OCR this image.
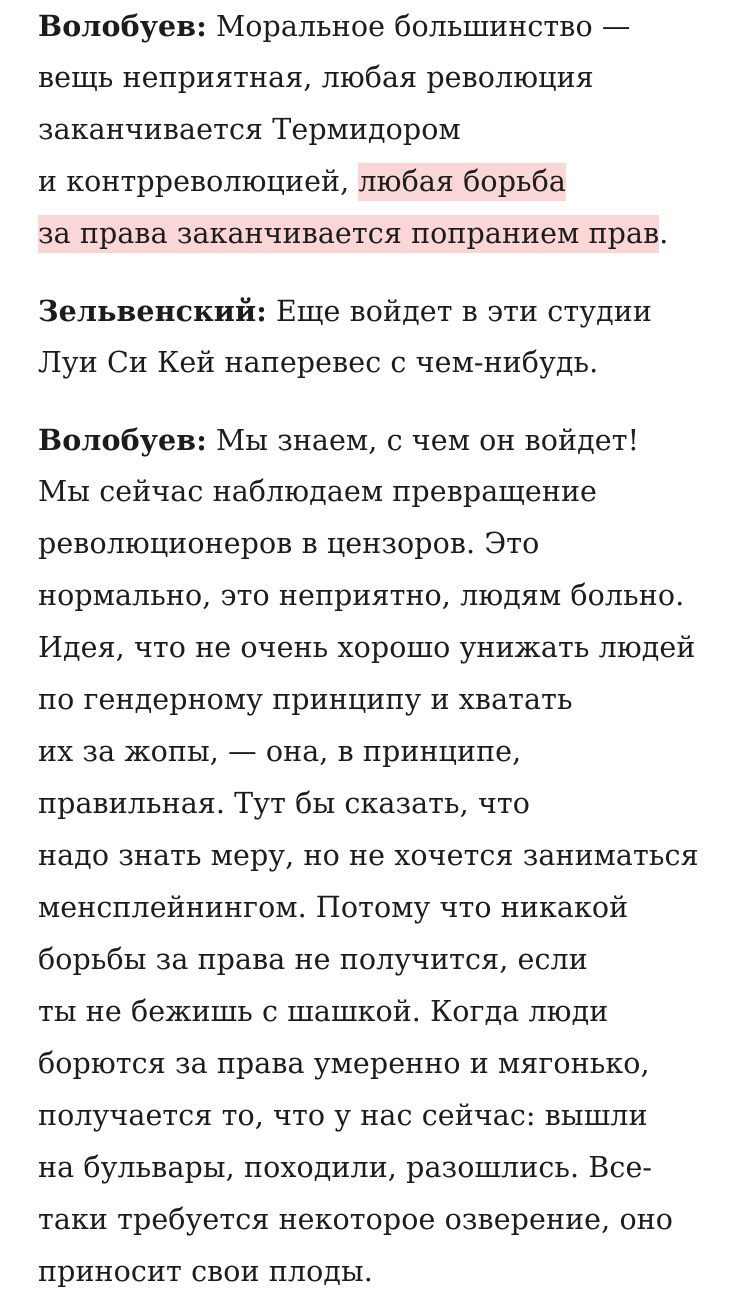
Волобуев: Моральное большинство —
вещь неприятная, любая революция
заканчивается Термидором
и контрреволюцией, любая борьба
за права заканчивается попранием прав.
Зельвенский: Еще войдет в эти студии
Луи Си Кей наперевес с чем-нибудь.
Волобуев: Мы знаем, с чем он войдет!
Мы сейчас наблюдаем превращение
революционеров в цензоров. Это
нормально, это неприятно, людям больно.
Идея, что не очень хорошо унижать людей
по гендерному принципу и хватать
их за жопы, — она, в принципе,
правильная. Тут бы сказать, что
надо знать меру, но не хочется заниматься
менсплейнингом. Потому что никакой
борьбы за права не получится, если
ты не бежишь с шашкой. Когда люди
борются за права умеренно и мягонько,
получается то, что у нас сейчас: вышли
на бульвары, походили, разошлись. Все-
таки требуется некоторое озверение, оно
приносит свои плоды.
